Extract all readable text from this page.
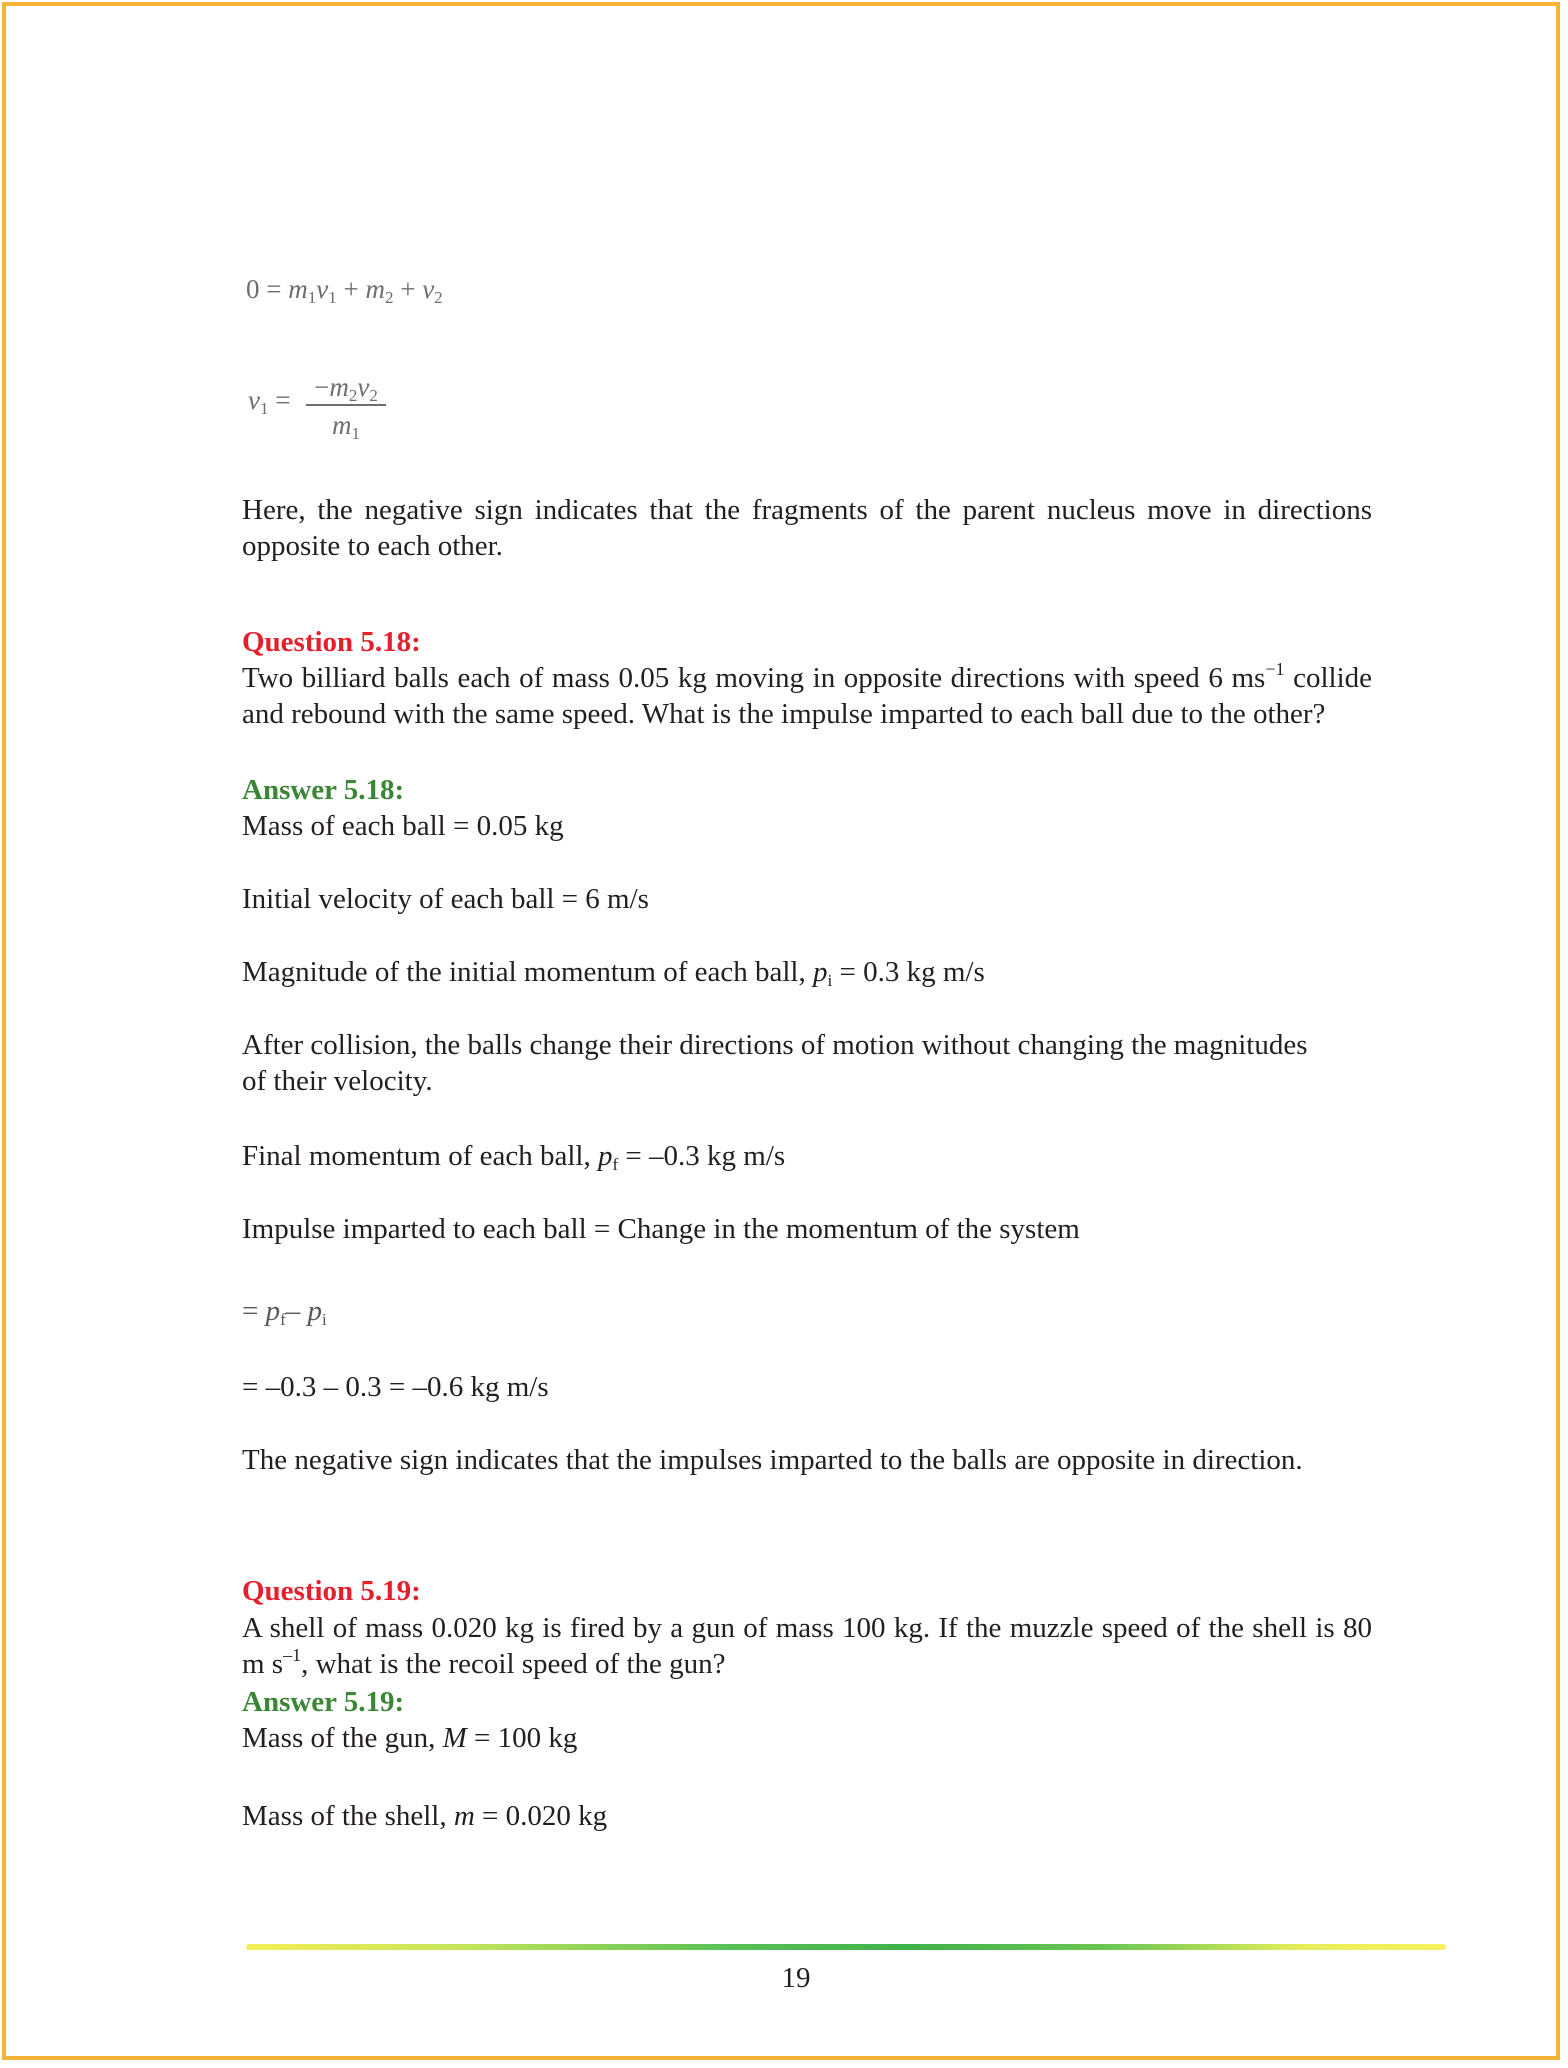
$0 = m_1v_1 + m_2 + v_2$
$v_1 = -m_2v_2$
$m_1$
Here, the negative sign indicates that the fragments of the parent nucleus move in directions opposite to each other.
Question 5.18:
Two billiard balls each of mass 0.05 kg moving in opposite directions with speed 6 $ms^{-1}$ collide and rebound with the same speed. What is the impulse imparted to each ball due to the other?
Answer 5.18:
Mass of each ball = 0.05 kg
Initial velocity of each ball = 6 m/s
Magnitude of the initial momentum of each ball, $p_i = 0.3$ kg m/s
After collision, the balls change their directions of motion without changing the magnitudes of their velocity.
Final momentum of each ball, $p_f = -0.3$ kg m/s
Impulse imparted to each ball = Change in the momentum of the system
= $p_f-$ $p_i$
= –0.3 – 0.3 = –0.6 kg m/s
The negative sign indicates that the impulses imparted to the balls are opposite in direction.
Question 5.19:
A shell of mass 0.020 kg is fired by a gun of mass 100 kg. If the muzzle speed of the shell is 80 m $s^{-1}$, what is the recoil speed of the gun?
Answer 5.19:
Mass of the gun, M = 100 kg
Mass of the shell, m = 0.020 kg
19
